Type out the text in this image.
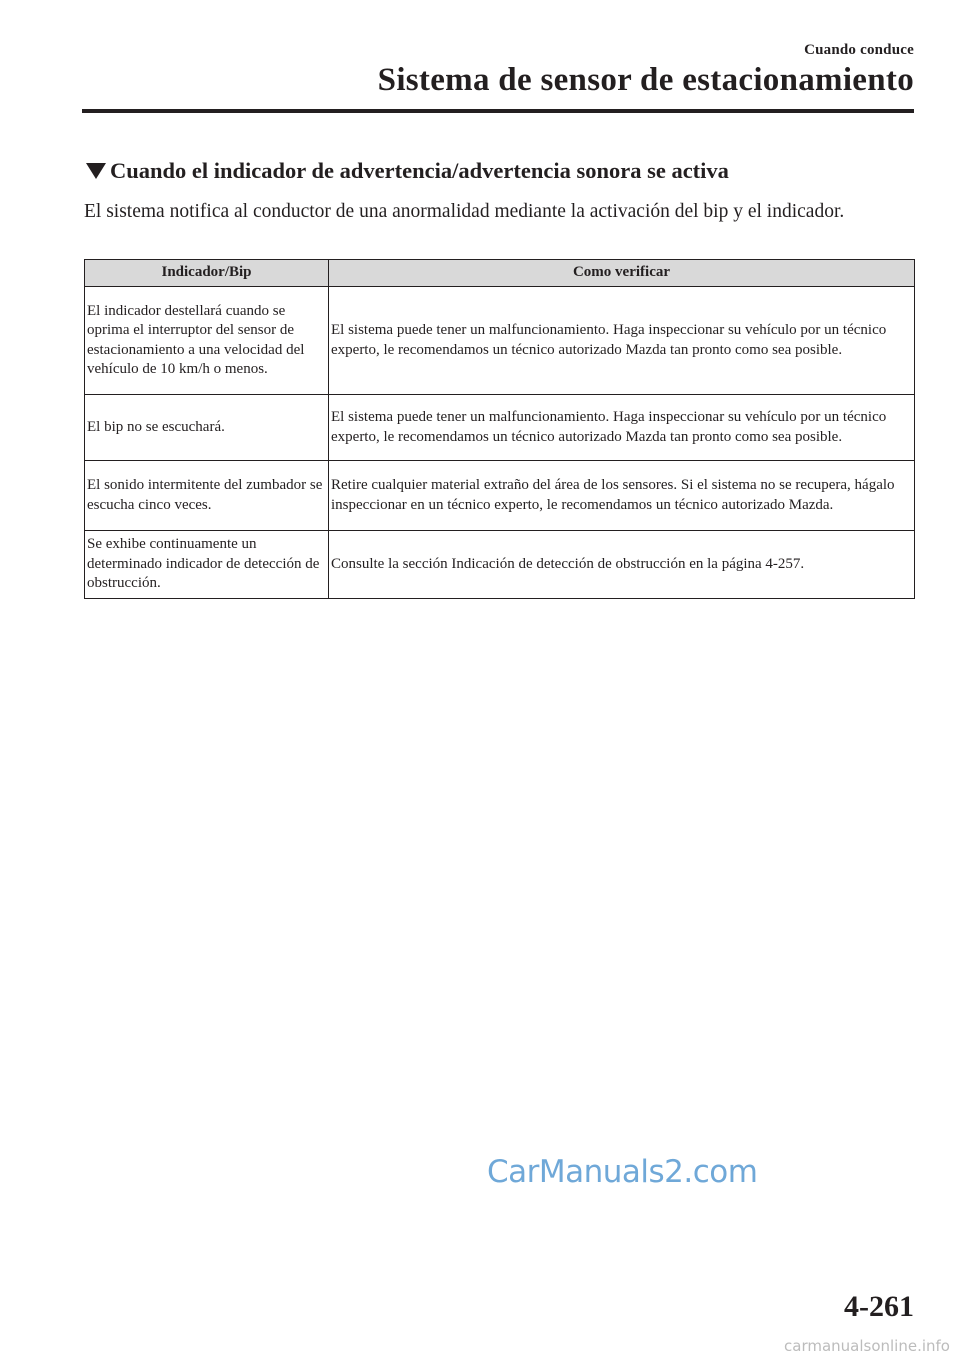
Cuando conduce
Sistema de sensor de estacionamiento
Cuando el indicador de advertencia/advertencia sonora se activa
El sistema notifica al conductor de una anormalidad mediante la activación del bip y el indicador.
Indicador/Bip	Como verificar
El indicador destellará cuando se oprima el interruptor del sensor de estacionamiento a una velocidad del vehículo de 10 km/h o menos.	El sistema puede tener un malfuncionamiento. Haga inspeccionar su vehículo por un técnico experto, le recomendamos un técnico autorizado Mazda tan pronto como sea posible.
El bip no se escuchará.	El sistema puede tener un malfuncionamiento. Haga inspeccionar su vehículo por un técnico experto, le recomendamos un técnico autorizado Mazda tan pronto como sea posible.
El sonido intermitente del zumbador se escucha cinco veces.	Retire cualquier material extraño del área de los sensores. Si el sistema no se recupera, hágalo inspeccionar en un técnico experto, le recomendamos un técnico autorizado Mazda.
Se exhibe continuamente un determinado indicador de detección de obstrucción.	Consulte la sección Indicación de detección de obstrucción en la página 4-257.
CarManuals2.com
4-261
carmanualsonline.info
